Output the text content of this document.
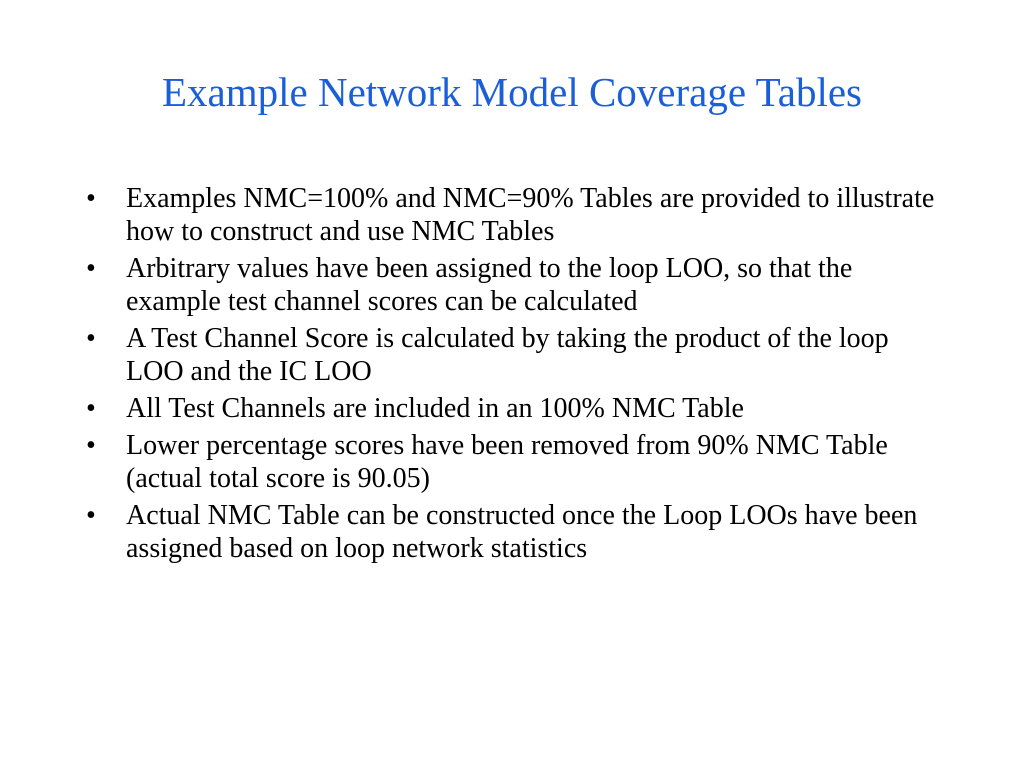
Example Network Model Coverage Tables
•	Examples NMC=100% and NMC=90% Tables are provided to illustrate how to construct and use NMC Tables
•	Arbitrary values have been assigned to the loop LOO, so that the example test channel scores can be calculated
•	A Test Channel Score is calculated by taking the product of the loop LOO and the IC LOO
•	All Test Channels are included in an 100% NMC Table
•	Lower percentage scores have been removed from 90% NMC Table (actual total score is 90.05)
•	Actual NMC Table can be constructed once the Loop LOOs have been assigned based on loop network statistics
